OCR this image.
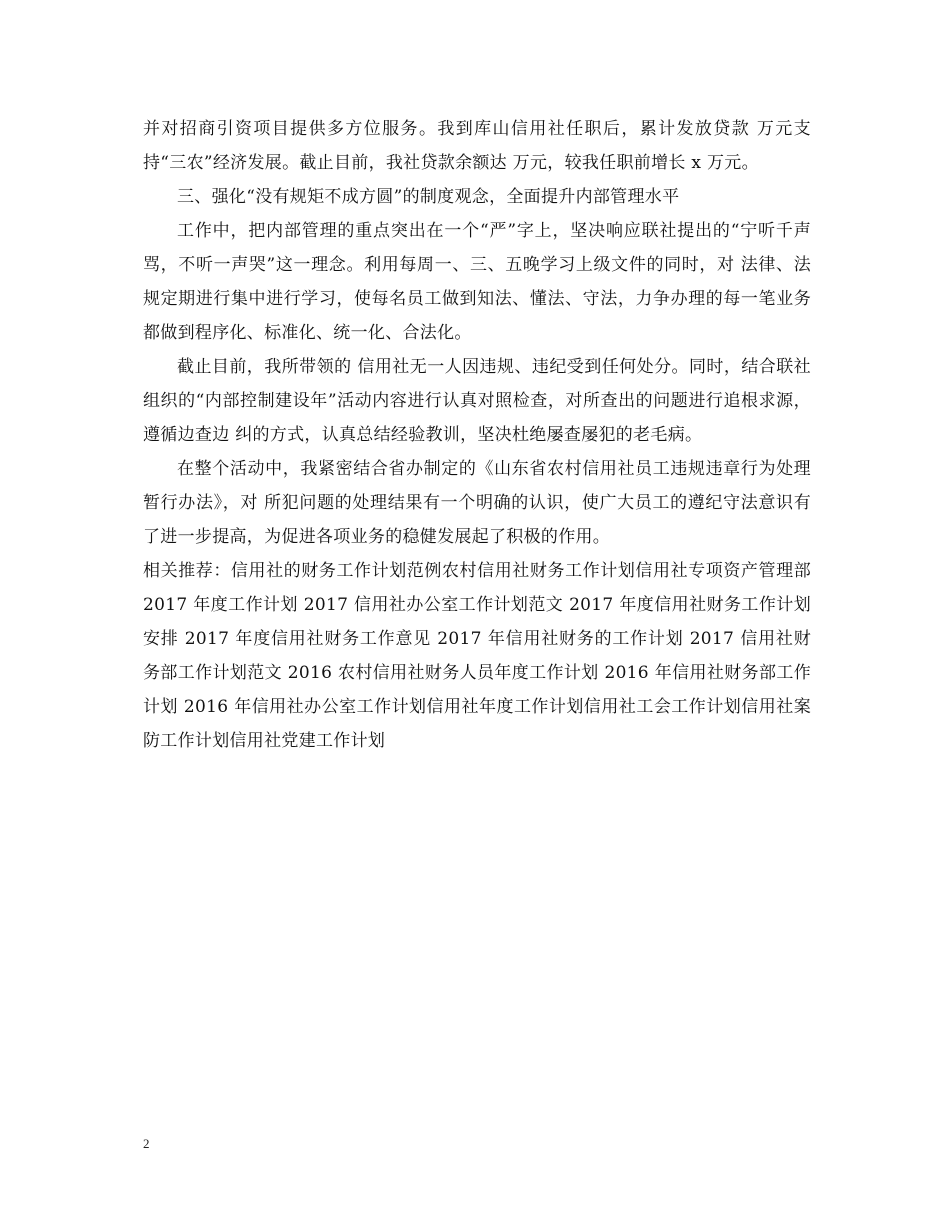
并对招商引资项目提供多方位服务。我到库山信用社任职后，累计发放贷款 万元支持“三农”经济发展。截止目前，我社贷款余额达 万元，较我任职前增长 x 万元。

三、强化“没有规矩不成方圆”的制度观念，全面提升内部管理水平

工作中，把内部管理的重点突出在一个“严”字上，坚决响应联社提出的“宁听千声骂，不听一声哭”这一理念。利用每周一、三、五晚学习上级文件的同时，对 法律、法规定期进行集中进行学习，使每名员工做到知法、懂法、守法，力争办理的每一笔业务都做到程序化、标准化、统一化、合法化。

截止目前，我所带领的 信用社无一人因违规、违纪受到任何处分。同时，结合联社组织的“内部控制建设年”活动内容进行认真对照检查，对所查出的问题进行追根求源，遵循边查边 纠的方式，认真总结经验教训，坚决杜绝屡查屡犯的老毛病。

在整个活动中，我紧密结合省办制定的《山东省农村信用社员工违规违章行为处理暂行办法》，对 所犯问题的处理结果有一个明确的认识，使广大员工的遵纪守法意识有了进一步提高，为促进各项业务的稳健发展起了积极的作用。

相关推荐：信用社的财务工作计划范例农村信用社财务工作计划信用社专项资产管理部 2017 年度工作计划 2017 信用社办公室工作计划范文 2017 年度信用社财务工作计划安排 2017 年度信用社财务工作意见 2017 年信用社财务的工作计划 2017 信用社财务部工作计划范文 2016 农村信用社财务人员年度工作计划 2016 年信用社财务部工作计划 2016 年信用社办公室工作计划信用社年度工作计划信用社工会工作计划信用社案防工作计划信用社党建工作计划

2
